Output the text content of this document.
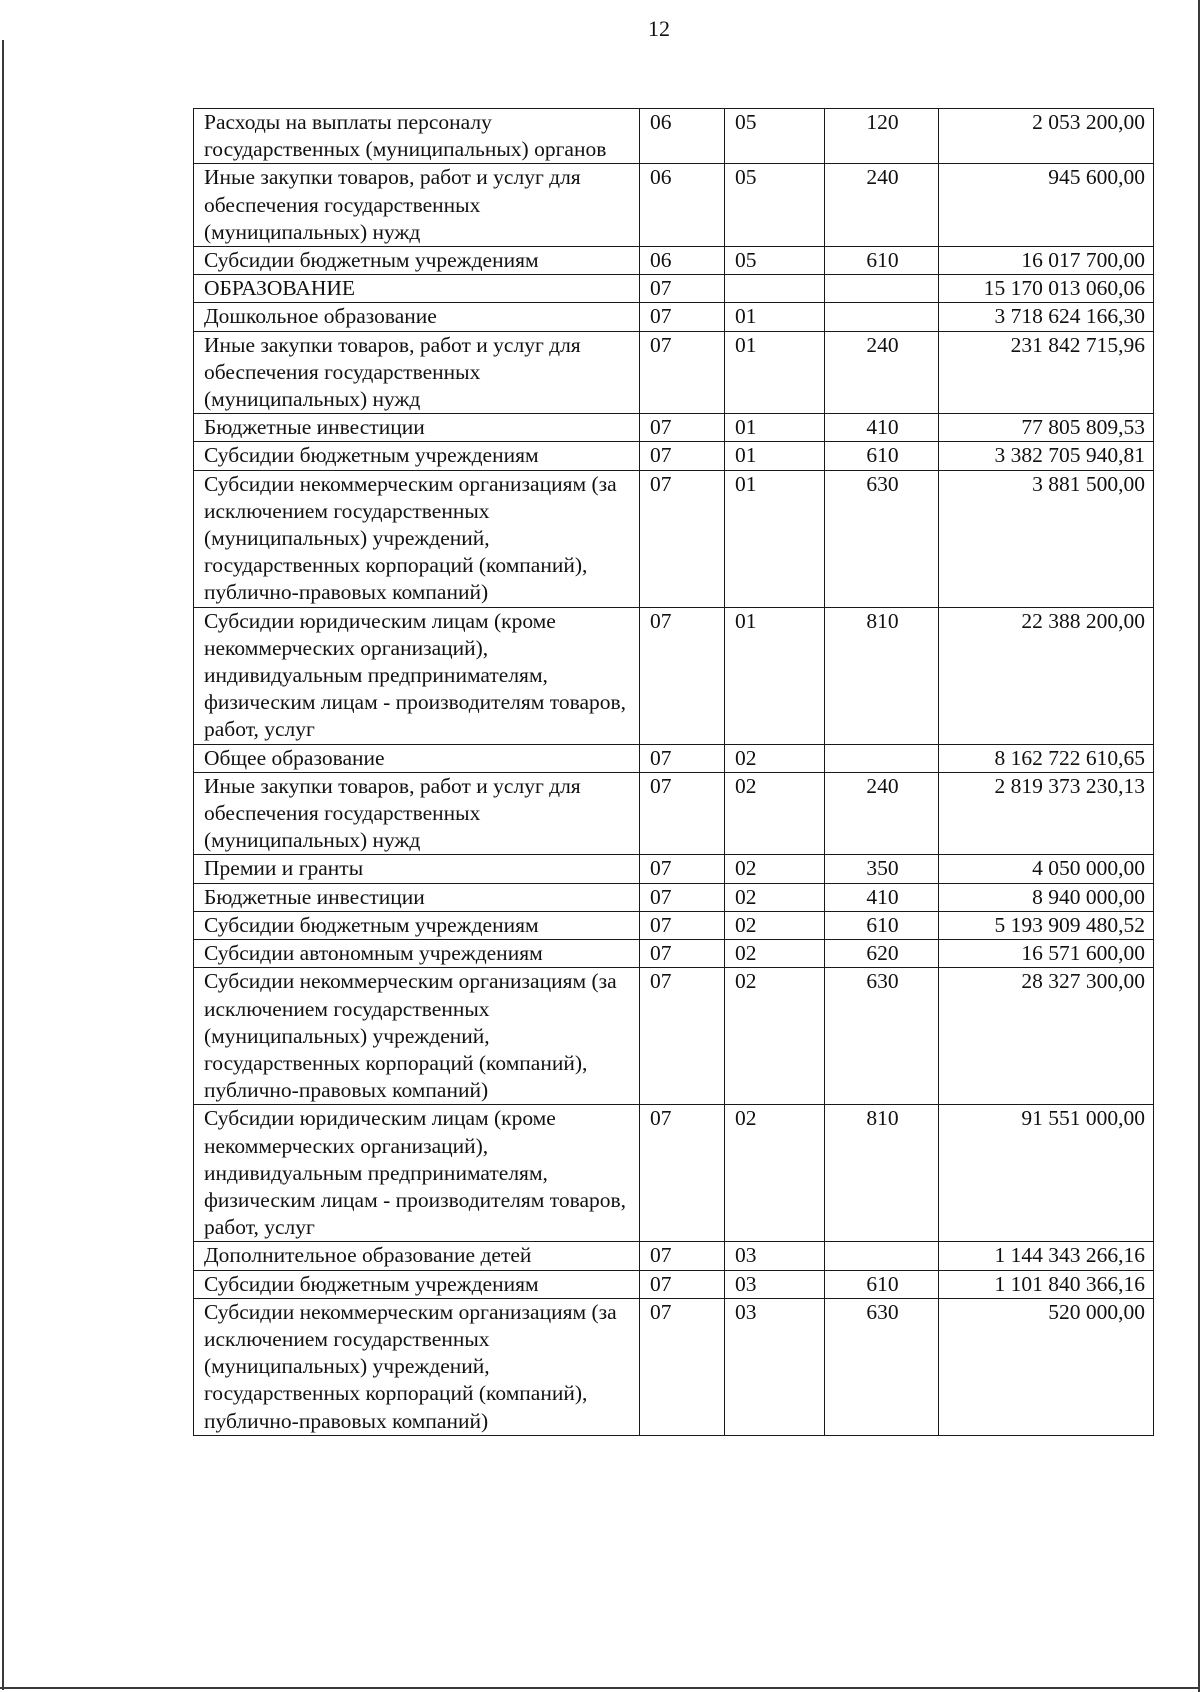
12
Расходы на выплаты персоналу государственных (муниципальных) органов	06	05	120	2 053 200,00
Иные закупки товаров, работ и услуг для обеспечения государственных (муниципальных) нужд	06	05	240	945 600,00
Субсидии бюджетным учреждениям	06	05	610	16 017 700,00
ОБРАЗОВАНИЕ	07			15 170 013 060,06
Дошкольное образование	07	01		3 718 624 166,30
Иные закупки товаров, работ и услуг для обеспечения государственных (муниципальных) нужд	07	01	240	231 842 715,96
Бюджетные инвестиции	07	01	410	77 805 809,53
Субсидии бюджетным учреждениям	07	01	610	3 382 705 940,81
Субсидии некоммерческим организациям (за исключением государственных (муниципальных) учреждений, государственных корпораций (компаний), публично-правовых компаний)	07	01	630	3 881 500,00
Субсидии юридическим лицам (кроме некоммерческих организаций), индивидуальным предпринимателям, физическим лицам - производителям товаров, работ, услуг	07	01	810	22 388 200,00
Общее образование	07	02		8 162 722 610,65
Иные закупки товаров, работ и услуг для обеспечения государственных (муниципальных) нужд	07	02	240	2 819 373 230,13
Премии и гранты	07	02	350	4 050 000,00
Бюджетные инвестиции	07	02	410	8 940 000,00
Субсидии бюджетным учреждениям	07	02	610	5 193 909 480,52
Субсидии автономным учреждениям	07	02	620	16 571 600,00
Субсидии некоммерческим организациям (за исключением государственных (муниципальных) учреждений, государственных корпораций (компаний), публично-правовых компаний)	07	02	630	28 327 300,00
Субсидии юридическим лицам (кроме некоммерческих организаций), индивидуальным предпринимателям, физическим лицам - производителям товаров, работ, услуг	07	02	810	91 551 000,00
Дополнительное образование детей	07	03		1 144 343 266,16
Субсидии бюджетным учреждениям	07	03	610	1 101 840 366,16
Субсидии некоммерческим организациям (за исключением государственных (муниципальных) учреждений, государственных корпораций (компаний), публично-правовых компаний)	07	03	630	520 000,00
